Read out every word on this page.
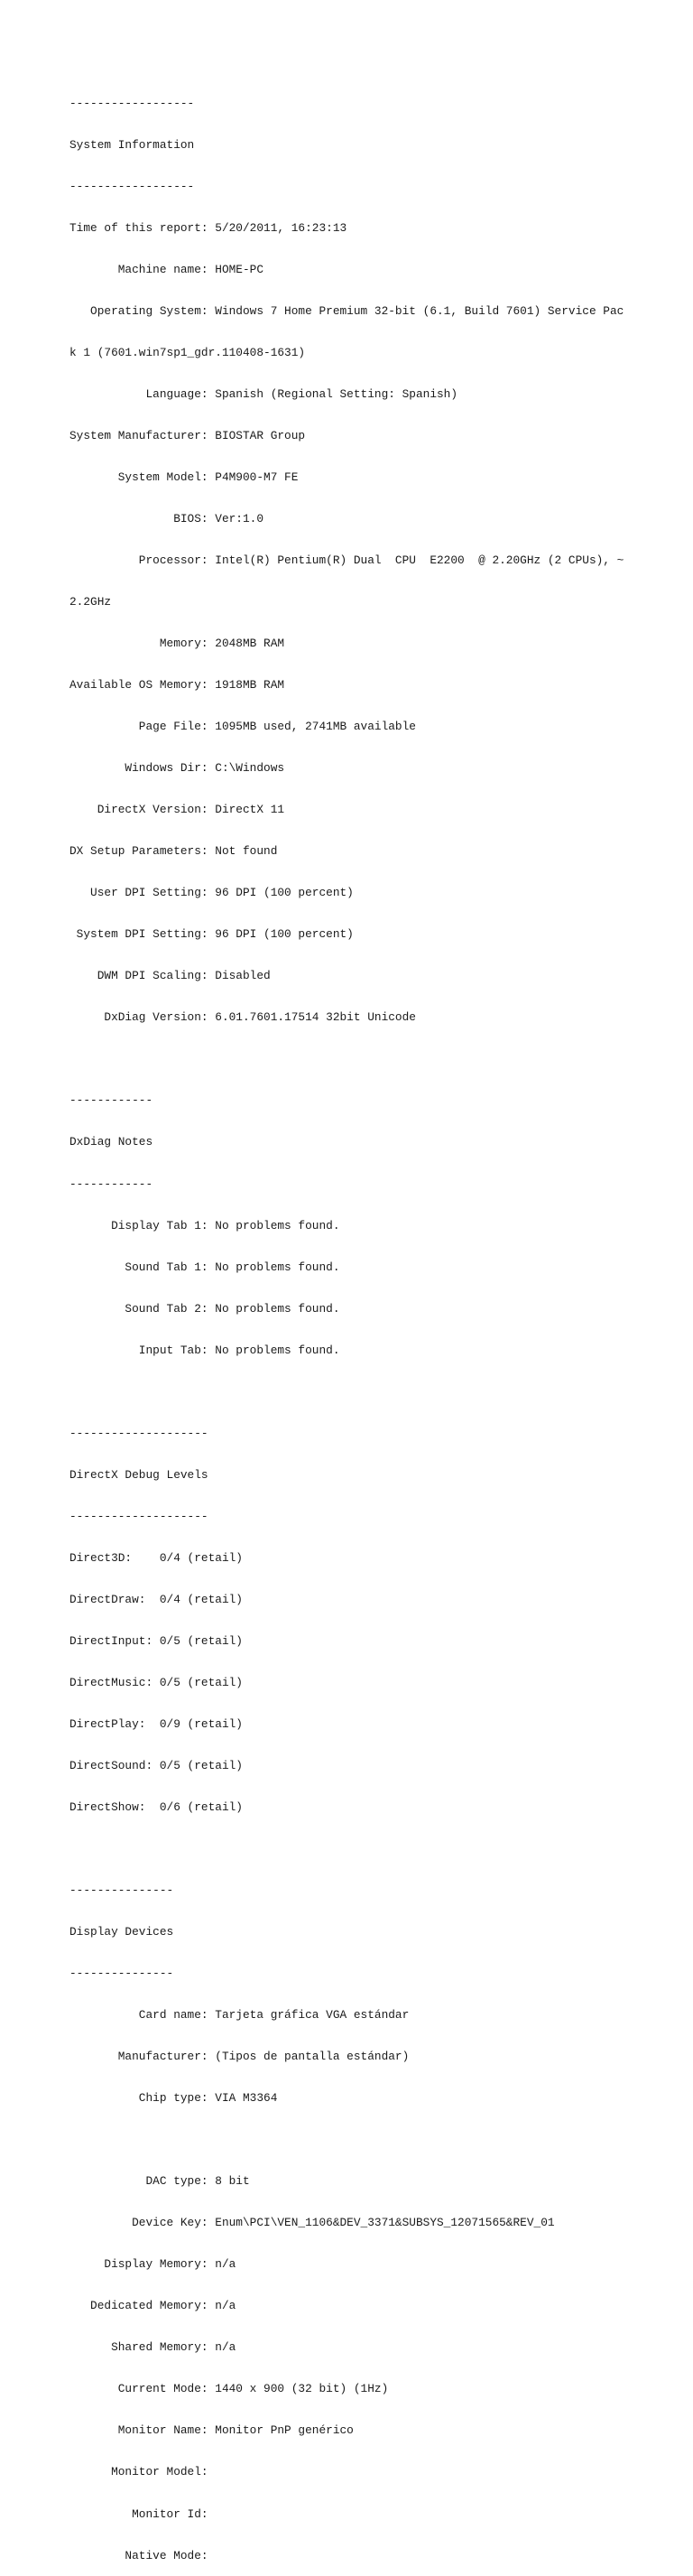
------------------

System Information

------------------

Time of this report: 5/20/2011, 16:23:13

Machine name: HOME-PC

Operating System: Windows 7 Home Premium 32-bit (6.1, Build 7601) Service Pac

k 1 (7601.win7sp1_gdr.110408-1631)

Language: Spanish (Regional Setting: Spanish)

System Manufacturer: BIOSTAR Group

System Model: P4M900-M7 FE

BIOS: Ver:1.0

Processor: Intel(R) Pentium(R) Dual  CPU  E2200  @ 2.20GHz (2 CPUs), ~

2.2GHz

Memory: 2048MB RAM

Available OS Memory: 1918MB RAM

Page File: 1095MB used, 2741MB available

Windows Dir: C:\Windows

DirectX Version: DirectX 11

DX Setup Parameters: Not found

User DPI Setting: 96 DPI (100 percent)

System DPI Setting: 96 DPI (100 percent)

DWM DPI Scaling: Disabled

DxDiag Version: 6.01.7601.17514 32bit Unicode

------------

DxDiag Notes

------------

Display Tab 1: No problems found.

Sound Tab 1: No problems found.

Sound Tab 2: No problems found.

Input Tab: No problems found.

--------------------

DirectX Debug Levels

--------------------

Direct3D:    0/4 (retail)

DirectDraw:  0/4 (retail)

DirectInput: 0/5 (retail)

DirectMusic: 0/5 (retail)

DirectPlay:  0/9 (retail)

DirectSound: 0/5 (retail)

DirectShow:  0/6 (retail)

---------------

Display Devices

---------------

Card name: Tarjeta gráfica VGA estándar

Manufacturer: (Tipos de pantalla estándar)

Chip type: VIA M3364

DAC type: 8 bit

Device Key: Enum\PCI\VEN_1106&DEV_3371&SUBSYS_12071565&REV_01

Display Memory: n/a

Dedicated Memory: n/a

Shared Memory: n/a

Current Mode: 1440 x 900 (32 bit) (1Hz)

Monitor Name: Monitor PnP genérico

Monitor Model:

Monitor Id:

Native Mode:
